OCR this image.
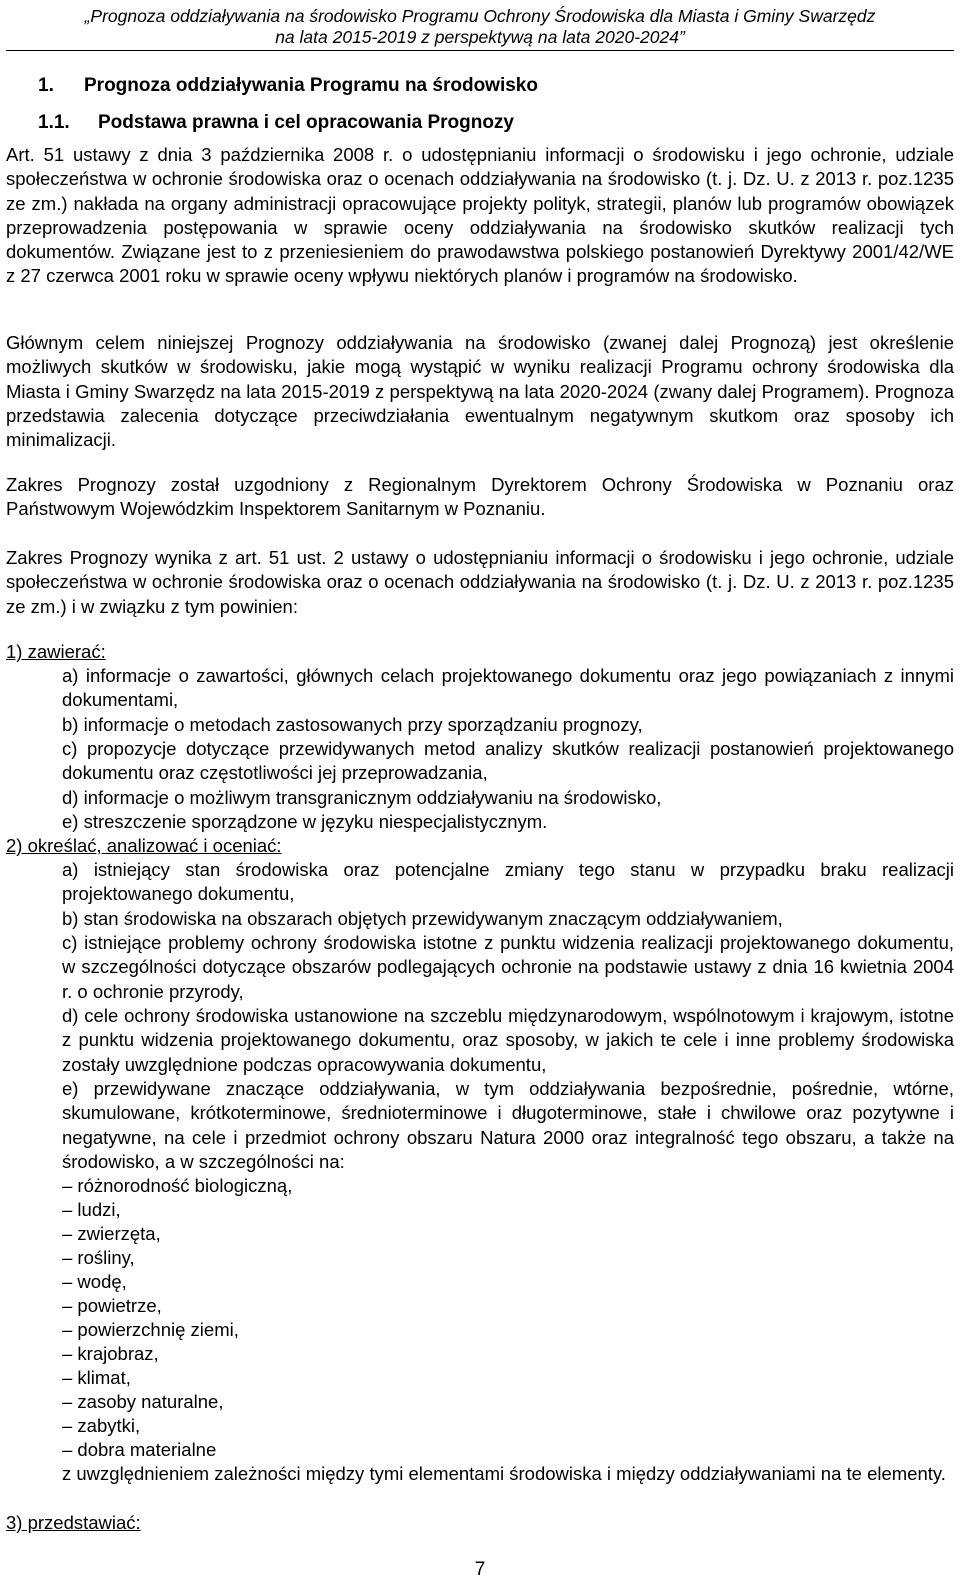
„Prognoza oddziaływania na środowisko Programu Ochrony Środowiska dla Miasta i Gminy Swarzędz
na lata 2015-2019 z perspektywą na lata 2020-2024”
1. Prognoza oddziaływania Programu na środowisko
1.1. Podstawa prawna i cel opracowania Prognozy
Art. 51 ustawy z dnia 3 października 2008 r. o udostępnianiu informacji o środowisku i jego ochronie, udziale społeczeństwa w ochronie środowiska oraz o ocenach oddziaływania na środowisko (t. j. Dz. U. z 2013 r. poz.1235 ze zm.) nakłada na organy administracji opracowujące projekty polityk, strategii, planów lub programów obowiązek przeprowadzenia postępowania w sprawie oceny oddziaływania na środowisko skutków realizacji tych dokumentów. Związane jest to z przeniesieniem do prawodawstwa polskiego postanowień Dyrektywy 2001/42/WE z 27 czerwca 2001 roku w sprawie oceny wpływu niektórych planów i programów na środowisko.
Głównym celem niniejszej Prognozy oddziaływania na środowisko (zwanej dalej Prognozą) jest określenie możliwych skutków w środowisku, jakie mogą wystąpić w wyniku realizacji Programu ochrony środowiska dla Miasta i Gminy Swarzędz na lata 2015-2019 z perspektywą na lata 2020-2024 (zwany dalej Programem). Prognoza przedstawia zalecenia dotyczące przeciwdziałania ewentualnym negatywnym skutkom oraz sposoby ich minimalizacji.
Zakres Prognozy został uzgodniony z Regionalnym Dyrektorem Ochrony Środowiska w Poznaniu oraz Państwowym Wojewódzkim Inspektorem Sanitarnym w Poznaniu.
Zakres Prognozy wynika z art. 51 ust. 2 ustawy o udostępnianiu informacji o środowisku i jego ochronie, udziale społeczeństwa w ochronie środowiska oraz o ocenach oddziaływania na środowisko (t. j. Dz. U. z 2013 r. poz.1235 ze zm.) i w związku z tym powinien:
1) zawierać:
a) informacje o zawartości, głównych celach projektowanego dokumentu oraz jego powiązaniach z innymi dokumentami,
b) informacje o metodach zastosowanych przy sporządzaniu prognozy,
c) propozycje dotyczące przewidywanych metod analizy skutków realizacji postanowień projektowanego dokumentu oraz częstotliwości jej przeprowadzania,
d) informacje o możliwym transgranicznym oddziaływaniu na środowisko,
e) streszczenie sporządzone w języku niespecjalistycznym.
2) określać, analizować i oceniać:
a) istniejący stan środowiska oraz potencjalne zmiany tego stanu w przypadku braku realizacji projektowanego dokumentu,
b) stan środowiska na obszarach objętych przewidywanym znaczącym oddziaływaniem,
c) istniejące problemy ochrony środowiska istotne z punktu widzenia realizacji projektowanego dokumentu, w szczególności dotyczące obszarów podlegających ochronie na podstawie ustawy z dnia 16 kwietnia 2004 r. o ochronie przyrody,
d) cele ochrony środowiska ustanowione na szczeblu międzynarodowym, wspólnotowym i krajowym, istotne z punktu widzenia projektowanego dokumentu, oraz sposoby, w jakich te cele i inne problemy środowiska zostały uwzględnione podczas opracowywania dokumentu,
e) przewidywane znaczące oddziaływania, w tym oddziaływania bezpośrednie, pośrednie, wtórne, skumulowane, krótkoterminowe, średnioterminowe i długoterminowe, stałe i chwilowe oraz pozytywne i negatywne, na cele i przedmiot ochrony obszaru Natura 2000 oraz integralność tego obszaru, a także na środowisko, a w szczególności na:
– różnorodność biologiczną,
– ludzi,
– zwierzęta,
– rośliny,
– wodę,
– powietrze,
– powierzchnię ziemi,
– krajobraz,
– klimat,
– zasoby naturalne,
– zabytki,
– dobra materialne
z uwzględnieniem zależności między tymi elementami środowiska i między oddziaływaniami na te elementy.
3) przedstawiać:
7
